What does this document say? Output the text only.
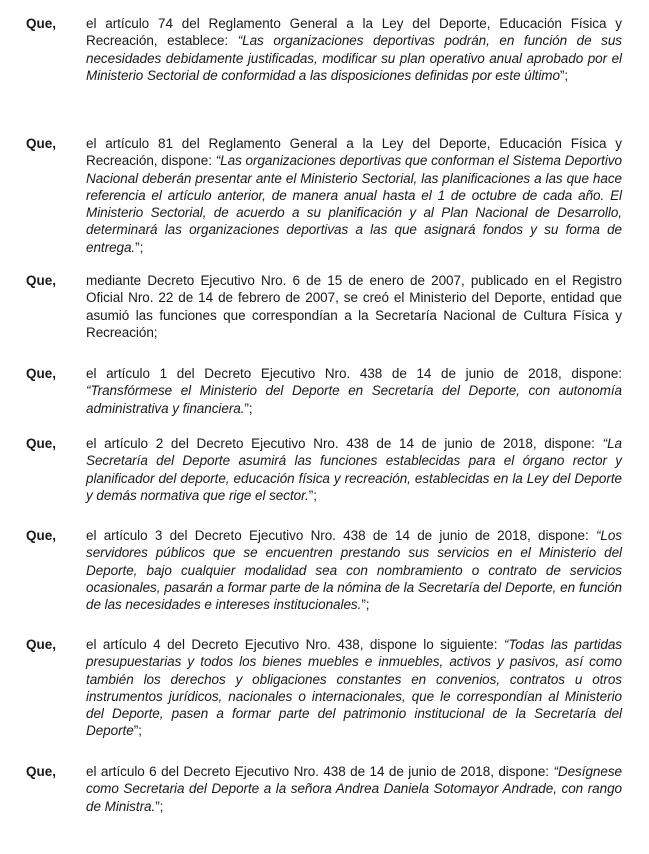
Que, el artículo 74 del Reglamento General a la Ley del Deporte, Educación Física y Recreación, establece: “Las organizaciones deportivas podrán, en función de sus necesidades debidamente justificadas, modificar su plan operativo anual aprobado por el Ministerio Sectorial de conformidad a las disposiciones definidas por este último”;
Que, el artículo 81 del Reglamento General a la Ley del Deporte, Educación Física y Recreación, dispone: “Las organizaciones deportivas que conforman el Sistema Deportivo Nacional deberán presentar ante el Ministerio Sectorial, las planificaciones a las que hace referencia el artículo anterior, de manera anual hasta el 1 de octubre de cada año. El Ministerio Sectorial, de acuerdo a su planificación y al Plan Nacional de Desarrollo, determinará las organizaciones deportivas a las que asignará fondos y su forma de entrega.”;
Que, mediante Decreto Ejecutivo Nro. 6 de 15 de enero de 2007, publicado en el Registro Oficial Nro. 22 de 14 de febrero de 2007, se creó el Ministerio del Deporte, entidad que asumió las funciones que correspondían a la Secretaría Nacional de Cultura Física y Recreación;
Que, el artículo 1 del Decreto Ejecutivo Nro. 438 de 14 de junio de 2018, dispone: “Transfórmese el Ministerio del Deporte en Secretaría del Deporte, con autonomía administrativa y financiera.”;
Que, el artículo 2 del Decreto Ejecutivo Nro. 438 de 14 de junio de 2018, dispone: “La Secretaría del Deporte asumirá las funciones establecidas para el órgano rector y planificador del deporte, educación física y recreación, establecidas en la Ley del Deporte y demás normativa que rige el sector.”;
Que, el artículo 3 del Decreto Ejecutivo Nro. 438 de 14 de junio de 2018, dispone: “Los servidores públicos que se encuentren prestando sus servicios en el Ministerio del Deporte, bajo cualquier modalidad sea con nombramiento o contrato de servicios ocasionales, pasarán a formar parte de la nómina de la Secretaría del Deporte, en función de las necesidades e intereses institucionales.”;
Que, el artículo 4 del Decreto Ejecutivo Nro. 438, dispone lo siguiente: “Todas las partidas presupuestarias y todos los bienes muebles e inmuebles, activos y pasivos, así como también los derechos y obligaciones constantes en convenios, contratos u otros instrumentos jurídicos, nacionales o internacionales, que le correspondían al Ministerio del Deporte, pasen a formar parte del patrimonio institucional de la Secretaría del Deporte”;
Que, el artículo 6 del Decreto Ejecutivo Nro. 438 de 14 de junio de 2018, dispone: “Desígnese como Secretaria del Deporte a la señora Andrea Daniela Sotomayor Andrade, con rango de Ministra.”;
